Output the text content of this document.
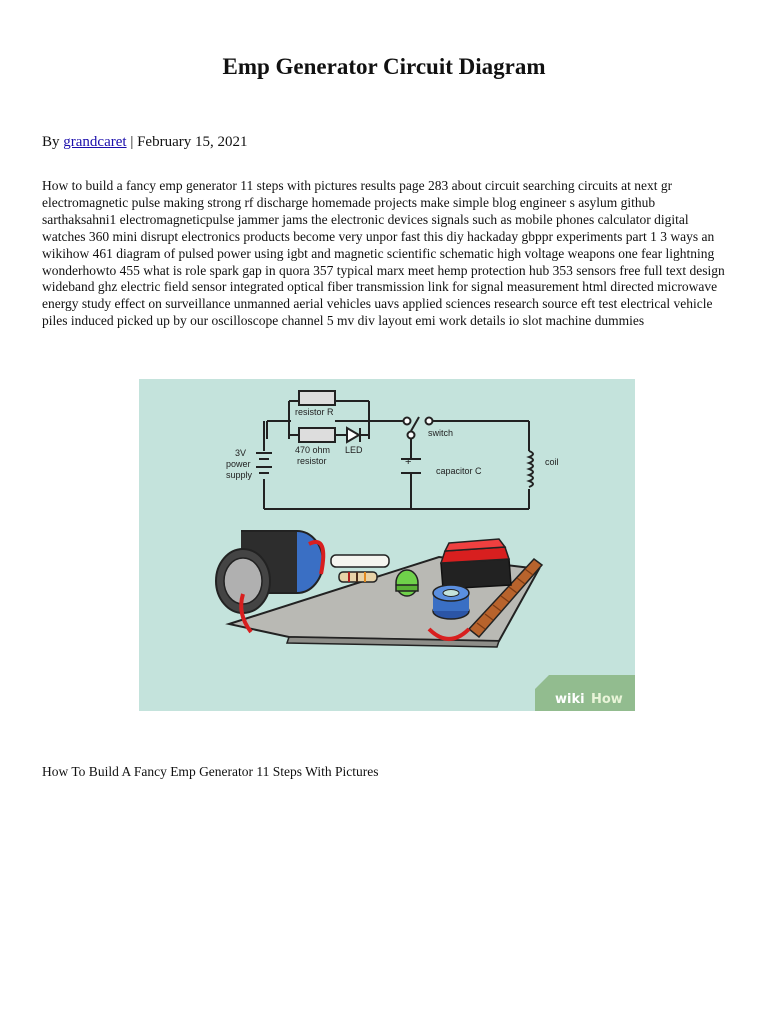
Emp Generator Circuit Diagram
By grandcaret | February 15, 2021

How to build a fancy emp generator 11 steps with pictures results page 283 about circuit searching circuits at next gr electromagnetic pulse making strong rf discharge homemade projects make simple blog engineer s asylum github sarthaksahni1 electromagneticpulse jammer jams the electronic devices signals such as mobile phones calculator digital watches 360 mini disrupt electronics products become very unpor fast this diy hackaday gbppr experiments part 1 3 ways an wikihow 461 diagram of pulsed power using igbt and magnetic scientific schematic high voltage weapons one fear lightning wonderhowto 455 what is role spark gap in quora 357 typical marx meet hemp protection hub 353 sensors free full text design wideband ghz electric field sensor integrated optical fiber transmission link for signal measurement html directed microwave energy study effect on surveillance unmanned aerial vehicles uavs applied sciences research source eft test electrical vehicle piles induced picked up by our oscilloscope channel 5 mv div layout emi work details io slot machine dummies

resistor R
470 ohm
resistor
LED
switch
3V
power
supply
+
capacitor C
coil
wiki How
How To Build A Fancy Emp Generator 11 Steps With Pictures
